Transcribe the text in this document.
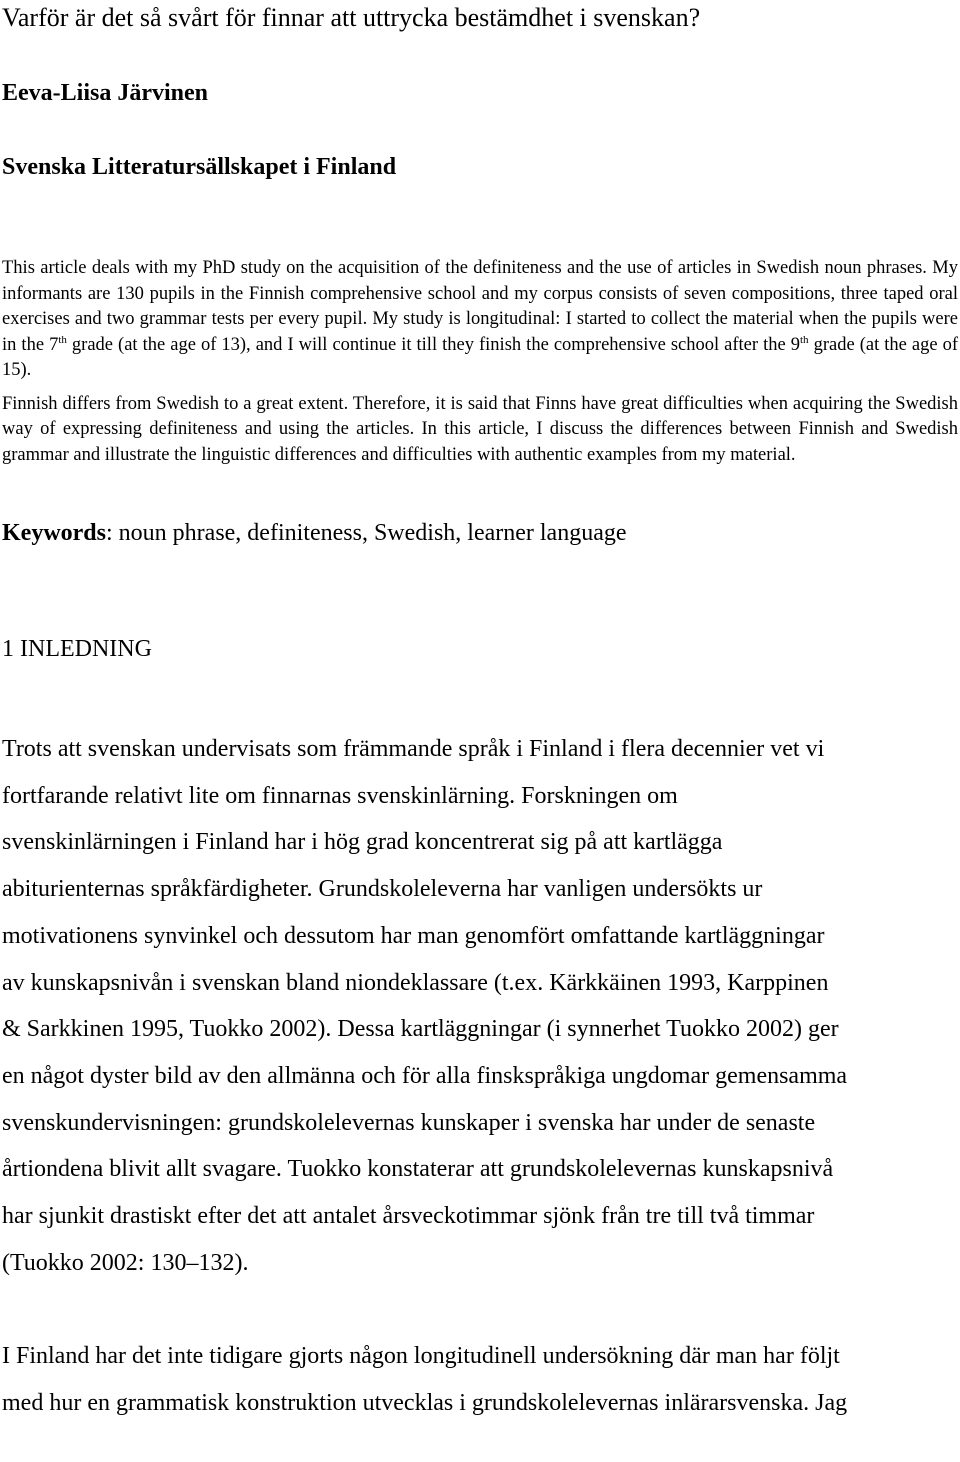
Varför är det så svårt för finnar att uttrycka bestämdhet i svenskan?
Eeva-Liisa Järvinen
Svenska Litteratursällskapet i Finland

This article deals with my PhD study on the acquisition of the definiteness and the use of articles in Swedish noun phrases. My informants are 130 pupils in the Finnish comprehensive school and my corpus consists of seven compositions, three taped oral exercises and two grammar tests per every pupil. My study is longitudinal: I started to collect the material when the pupils were in the 7th grade (at the age of 13), and I will continue it till they finish the comprehensive school after the 9th grade (at the age of 15).

Finnish differs from Swedish to a great extent. Therefore, it is said that Finns have great difficulties when acquiring the Swedish way of expressing definiteness and using the articles. In this article, I discuss the differences between Finnish and Swedish grammar and illustrate the linguistic differences and difficulties with authentic examples from my material.

Keywords: noun phrase, definiteness, Swedish, learner language
1 INLEDNING

Trots att svenskan undervisats som främmande språk i Finland i flera decennier vet vi
fortfarande relativt lite om finnarnas svenskinlärning. Forskningen om
svenskinlärningen i Finland har i hög grad koncentrerat sig på att kartlägga
abiturienternas språkfärdigheter. Grundskoleleverna har vanligen undersökts ur
motivationens synvinkel och dessutom har man genomfört omfattande kartläggningar
av kunskapsnivån i svenskan bland niondeklassare (t.ex. Kärkkäinen 1993, Karppinen
& Sarkkinen 1995, Tuokko 2002). Dessa kartläggningar (i synnerhet Tuokko 2002) ger
en något dyster bild av den allmänna och för alla finskspråkiga ungdomar gemensamma
svenskundervisningen: grundskolelevernas kunskaper i svenska har under de senaste
årtiondena blivit allt svagare. Tuokko konstaterar att grundskolelevernas kunskapsnivå
har sjunkit drastiskt efter det att antalet årsveckotimmar sjönk från tre till två timmar
(Tuokko 2002: 130–132).

I Finland har det inte tidigare gjorts någon longitudinell undersökning där man har följt
med hur en grammatisk konstruktion utvecklas i grundskolelevernas inlärarsvenska. Jag
